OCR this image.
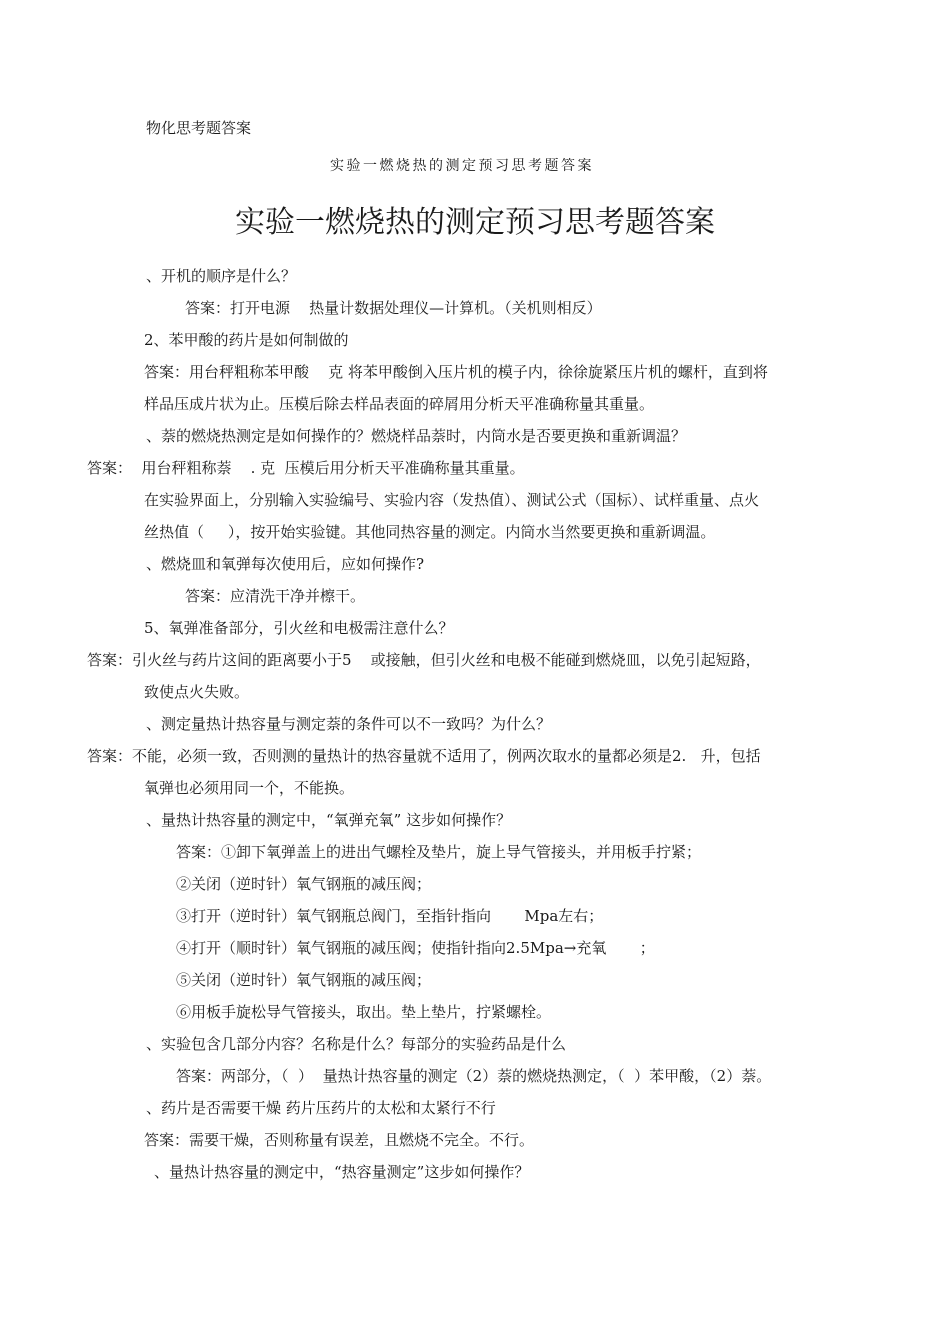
物化思考题答案
实验一燃烧热的测定预习思考题答案
实验一燃烧热的测定预习思考题答案
、开机的顺序是什么？
答案：打开电源    热量计数据处理仪—计算机。（关机则相反）
2、苯甲酸的药片是如何制做的
答案：用台秤粗称苯甲酸    克 将苯甲酸倒入压片机的模子内，徐徐旋紧压片机的螺杆，直到将
样品压成片状为止。压模后除去样品表面的碎屑用分析天平准确称量其重量。
、萘的燃烧热测定是如何操作的？燃烧样品萘时，内筒水是否要更换和重新调温？
答案：  用台秤粗称萘    . 克  压模后用分析天平准确称量其重量。
在实验界面上，分别输入实验编号、实验内容（发热值）、测试公式（国标）、试样重量、点火
丝热值（     ），按开始实验键。其他同热容量的测定。内筒水当然要更换和重新调温。
、燃烧皿和氧弹每次使用后，应如何操作?
答案：应清洗干净并檫干。
5、氧弹准备部分，引火丝和电极需注意什么？
答案：引火丝与药片这间的距离要小于5    或接触，但引火丝和电极不能碰到燃烧皿，以免引起短路，
致使点火失败。
、测定量热计热容量与测定萘的条件可以不一致吗？为什么？
答案：不能，必须一致，否则测的量热计的热容量就不适用了，例两次取水的量都必须是2.   升，包括
氧弹也必须用同一个，不能换。
、量热计热容量的测定中，“氧弹充氧” 这步如何操作？
答案：①卸下氧弹盖上的进出气螺栓及垫片，旋上导气管接头，并用板手拧紧；
②关闭（逆时针）氧气钢瓶的减压阀；
③打开（逆时针）氧气钢瓶总阀门，至指针指向       Mpa左右；
④打开（顺时针）氧气钢瓶的减压阀；使指针指向2.5Mpa→充氧       ；
⑤关闭（逆时针）氧气钢瓶的减压阀；
⑥用板手旋松导气管接头，取出。垫上垫片，拧紧螺栓。
、实验包含几部分内容？名称是什么？每部分的实验药品是什么
答案：两部分，（  ）  量热计热容量的测定（2）萘的燃烧热测定，（  ）苯甲酸，（2）萘。
、药片是否需要干燥 药片压药片的太松和太紧行不行
答案：需要干燥，否则称量有误差，且燃烧不完全。不行。
、量热计热容量的测定中，“热容量测定”这步如何操作？
